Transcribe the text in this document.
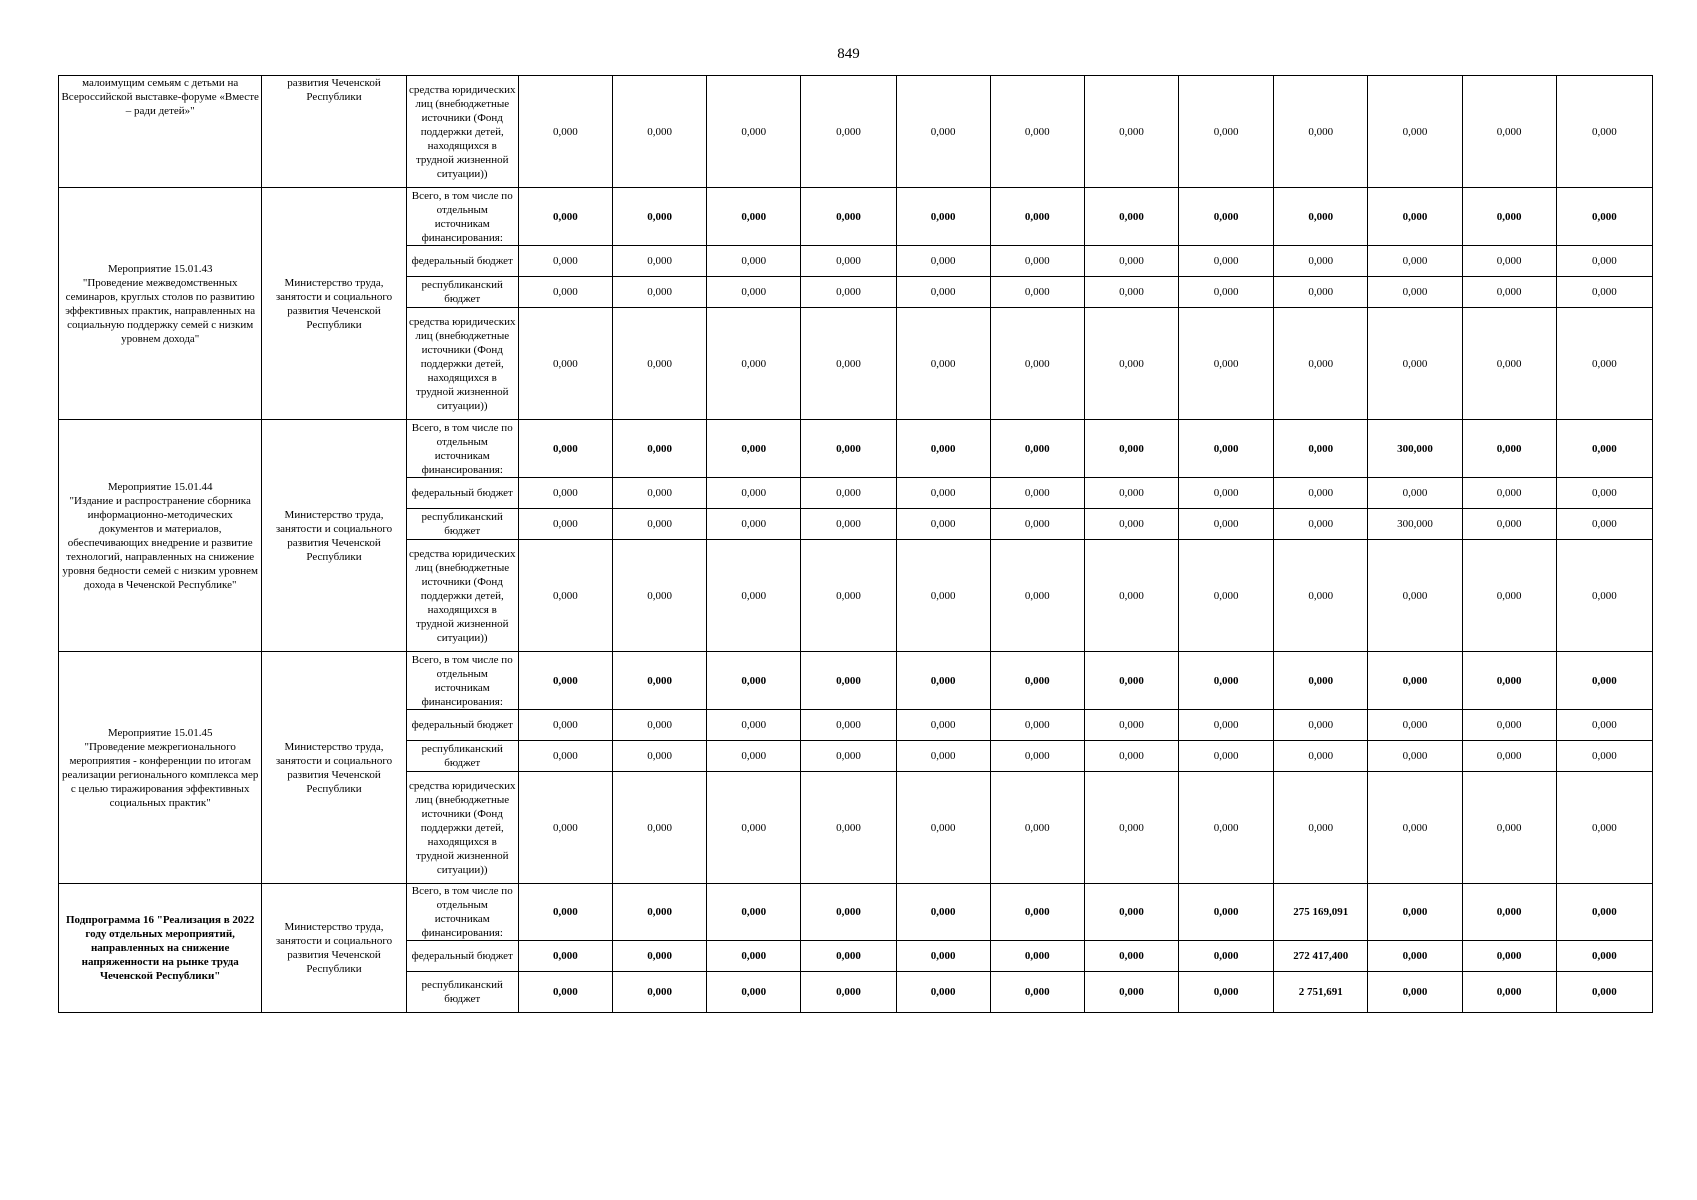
849
малоимущим семьям с детьми на Всероссийской выставке-форуме «Вместе – ради детей»"	развития Чеченской Республики	средства юридических лиц (внебюджетные источники (Фонд поддержки детей, находящихся в трудной жизненной ситуации))	0,000	0,000	0,000	0,000	0,000	0,000	0,000	0,000	0,000	0,000	0,000	0,000

Мероприятие 15.01.43
"Проведение межведомственных семинаров, круглых столов по развитию эффективных практик, направленных на социальную поддержку семей с низким уровнем дохода"	Министерство труда, занятости и социального развития Чеченской Республики	Всего, в том числе по отдельным источникам финансирования:	0,000	0,000	0,000	0,000	0,000	0,000	0,000	0,000	0,000	0,000	0,000	0,000
		федеральный бюджет	0,000	0,000	0,000	0,000	0,000	0,000	0,000	0,000	0,000	0,000	0,000	0,000
		республиканский бюджет	0,000	0,000	0,000	0,000	0,000	0,000	0,000	0,000	0,000	0,000	0,000	0,000
		средства юридических лиц (внебюджетные источники (Фонд поддержки детей, находящихся в трудной жизненной ситуации))	0,000	0,000	0,000	0,000	0,000	0,000	0,000	0,000	0,000	0,000	0,000	0,000

Мероприятие 15.01.44
"Издание и распространение сборника информационно-методических документов и материалов, обеспечивающих внедрение и развитие технологий, направленных на снижение уровня бедности семей с низким уровнем дохода в Чеченской Республике"	Министерство труда, занятости и социального развития Чеченской Республики	Всего, в том числе по отдельным источникам финансирования:	0,000	0,000	0,000	0,000	0,000	0,000	0,000	0,000	0,000	300,000	0,000	0,000
		федеральный бюджет	0,000	0,000	0,000	0,000	0,000	0,000	0,000	0,000	0,000	0,000	0,000	0,000
		республиканский бюджет	0,000	0,000	0,000	0,000	0,000	0,000	0,000	0,000	0,000	300,000	0,000	0,000
		средства юридических лиц (внебюджетные источники (Фонд поддержки детей, находящихся в трудной жизненной ситуации))	0,000	0,000	0,000	0,000	0,000	0,000	0,000	0,000	0,000	0,000	0,000	0,000

Мероприятие 15.01.45
"Проведение межрегионального мероприятия - конференции по итогам реализации регионального комплекса мер с целью тиражирования эффективных социальных практик"	Министерство труда, занятости и социального развития Чеченской Республики	Всего, в том числе по отдельным источникам финансирования:	0,000	0,000	0,000	0,000	0,000	0,000	0,000	0,000	0,000	0,000	0,000	0,000
		федеральный бюджет	0,000	0,000	0,000	0,000	0,000	0,000	0,000	0,000	0,000	0,000	0,000	0,000
		республиканский бюджет	0,000	0,000	0,000	0,000	0,000	0,000	0,000	0,000	0,000	0,000	0,000	0,000
		средства юридических лиц (внебюджетные источники (Фонд поддержки детей, находящихся в трудной жизненной ситуации))	0,000	0,000	0,000	0,000	0,000	0,000	0,000	0,000	0,000	0,000	0,000	0,000
Подпрограмма 16 "Реализация в 2022 году отдельных мероприятий, направленных на снижение напряженности на рынке труда Чеченской Республики"	Министерство труда, занятости и социального развития Чеченской Республики	Всего, в том числе по отдельным источникам финансирования:	0,000	0,000	0,000	0,000	0,000	0,000	0,000	0,000	275 169,091	0,000	0,000	0,000
		федеральный бюджет	0,000	0,000	0,000	0,000	0,000	0,000	0,000	0,000	272 417,400	0,000	0,000	0,000
		республиканский бюджет	0,000	0,000	0,000	0,000	0,000	0,000	0,000	0,000	2 751,691	0,000	0,000	0,000
